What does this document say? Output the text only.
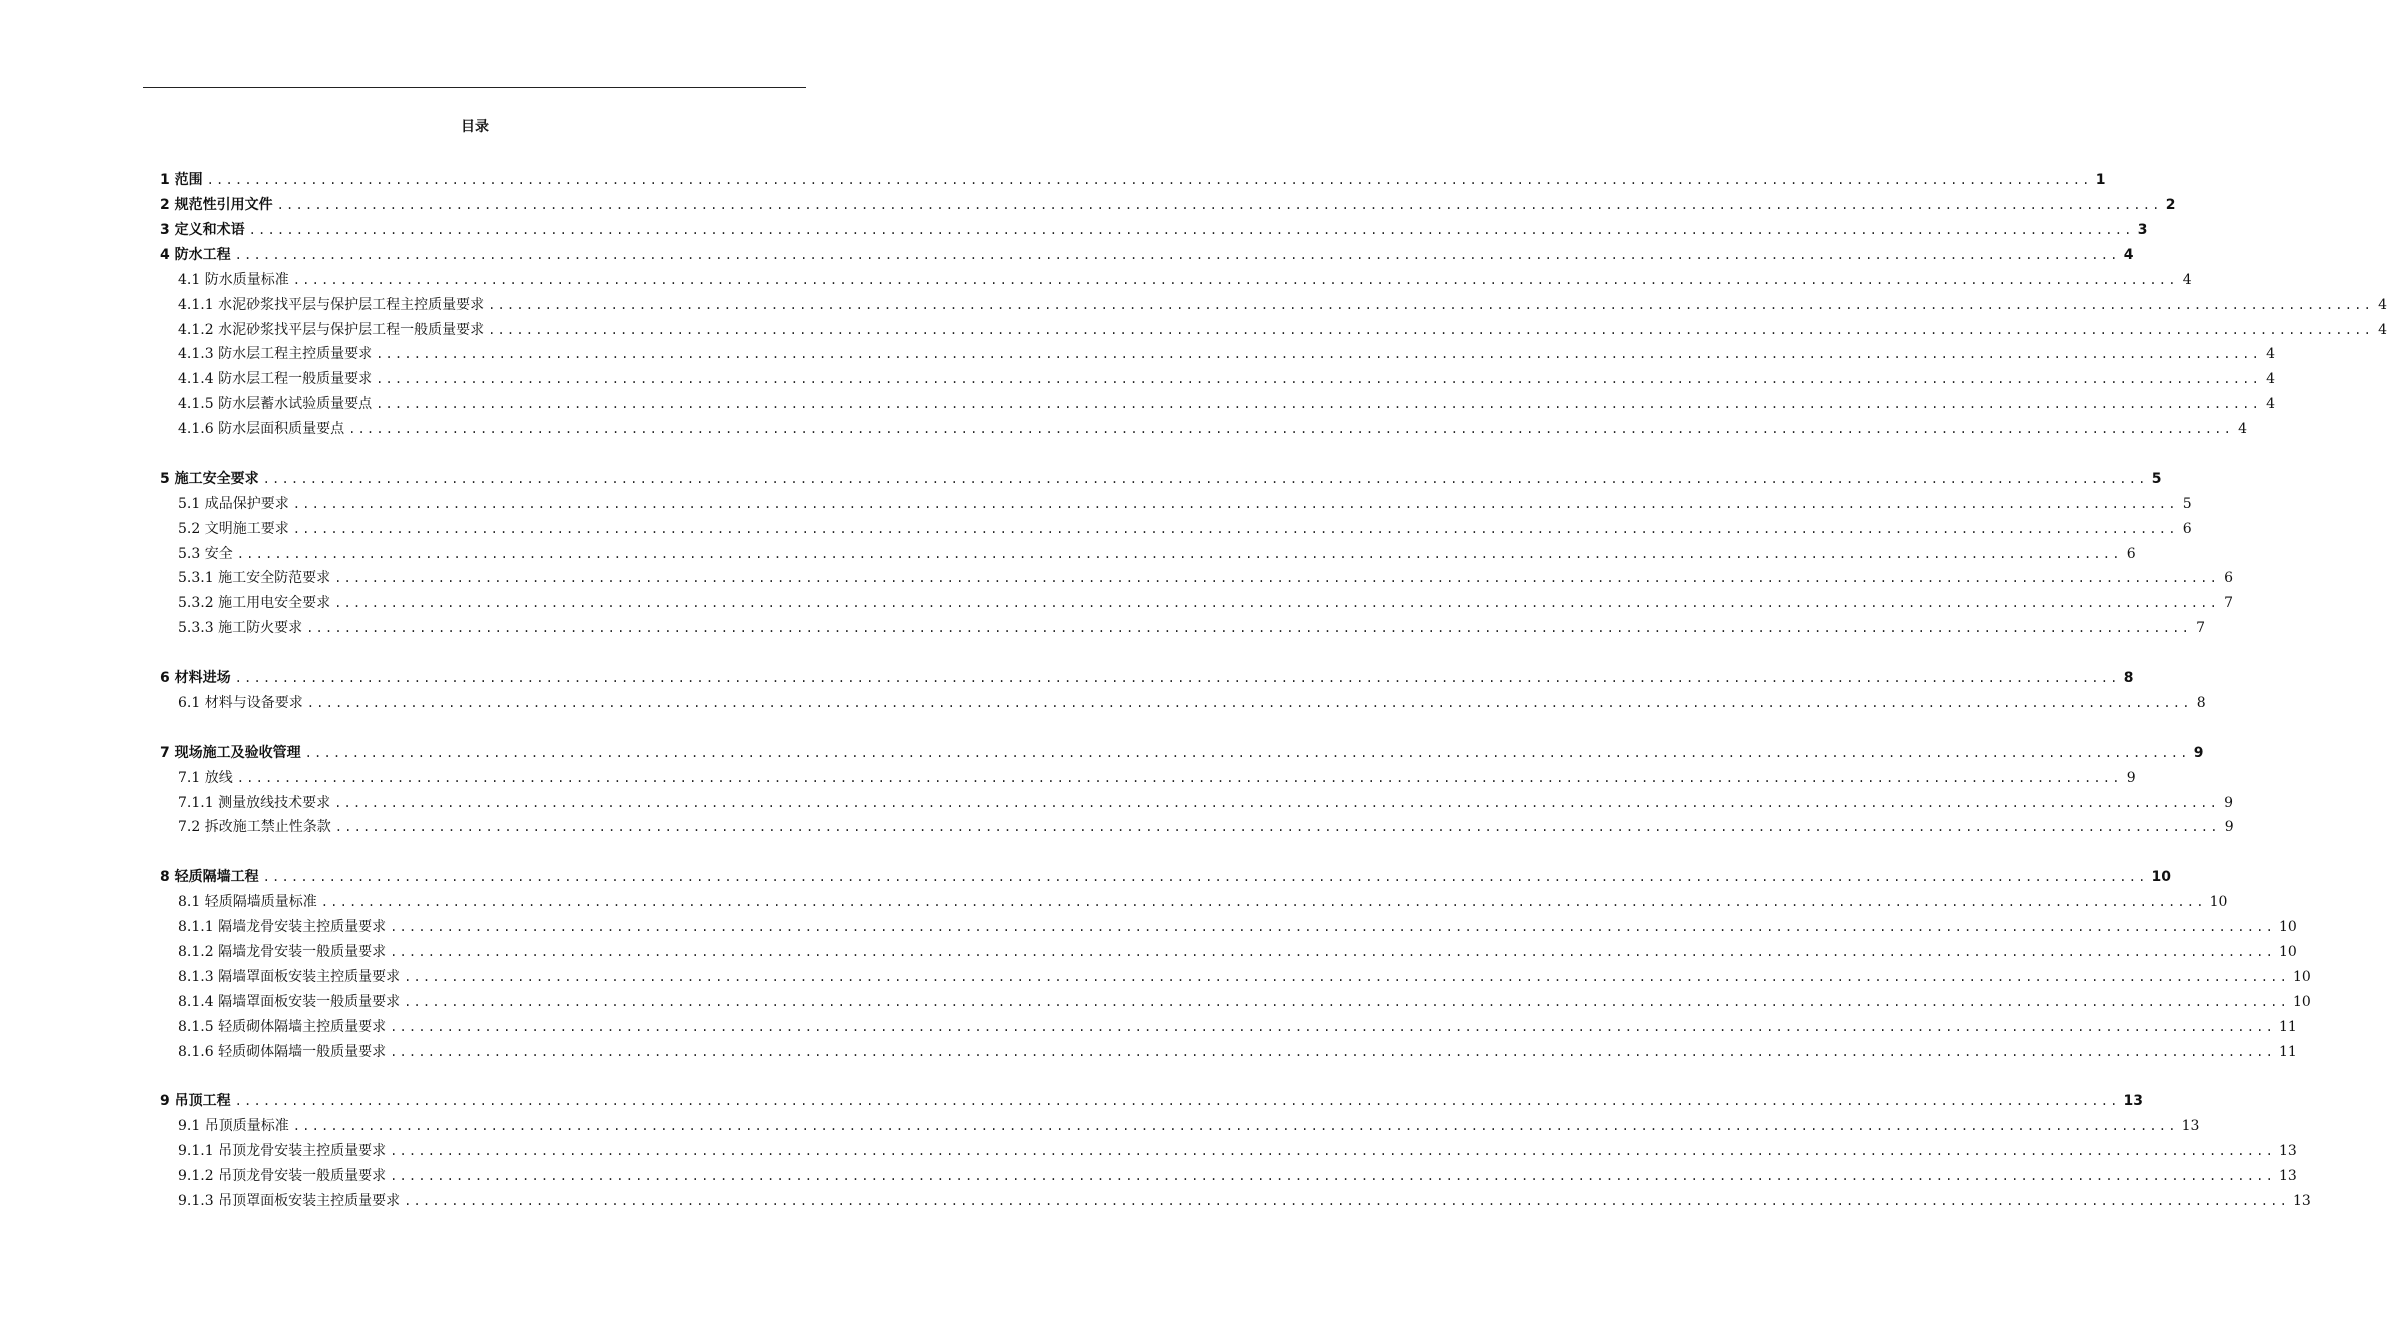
目录
1 范围 ........................................................................................................................................................................................................ 1
2 规范性引用文件 ........................................................................................................................................................................................................ 2
3 定义和术语 ........................................................................................................................................................................................................ 3
4 防水工程 ........................................................................................................................................................................................................ 4
4.1 防水质量标准 ........................................................................................................................................................................................................ 4
4.1.1 水泥砂浆找平层与保护层工程主控质量要求 ........................................................................................................................................................................................................ 4
4.1.2 水泥砂浆找平层与保护层工程一般质量要求 ........................................................................................................................................................................................................ 4
4.1.3 防水层工程主控质量要求 ........................................................................................................................................................................................................ 4
4.1.4 防水层工程一般质量要求 ........................................................................................................................................................................................................ 4
4.1.5 防水层蓄水试验质量要点 ........................................................................................................................................................................................................ 4
4.1.6 防水层面积质量要点 ........................................................................................................................................................................................................ 4
5 施工安全要求 ........................................................................................................................................................................................................ 5
5.1 成品保护要求 ........................................................................................................................................................................................................ 5
5.2 文明施工要求 ........................................................................................................................................................................................................ 6
5.3 安全 ........................................................................................................................................................................................................ 6
5.3.1 施工安全防范要求 ........................................................................................................................................................................................................ 6
5.3.2 施工用电安全要求 ........................................................................................................................................................................................................ 7
5.3.3 施工防火要求 ........................................................................................................................................................................................................ 7
6 材料进场 ........................................................................................................................................................................................................ 8
6.1 材料与设备要求 ........................................................................................................................................................................................................ 8
7 现场施工及验收管理 ........................................................................................................................................................................................................ 9
7.1 放线 ........................................................................................................................................................................................................ 9
7.1.1 测量放线技术要求 ........................................................................................................................................................................................................ 9
7.2 拆改施工禁止性条款 ........................................................................................................................................................................................................ 9
8 轻质隔墙工程 ........................................................................................................................................................................................................ 10
8.1 轻质隔墙质量标准 ........................................................................................................................................................................................................ 10
8.1.1 隔墙龙骨安装主控质量要求 ........................................................................................................................................................................................................ 10
8.1.2 隔墙龙骨安装一般质量要求 ........................................................................................................................................................................................................ 10
8.1.3 隔墙罩面板安装主控质量要求 ........................................................................................................................................................................................................ 10
8.1.4 隔墙罩面板安装一般质量要求 ........................................................................................................................................................................................................ 10
8.1.5 轻质砌体隔墙主控质量要求 ........................................................................................................................................................................................................ 11
8.1.6 轻质砌体隔墙一般质量要求 ........................................................................................................................................................................................................ 11
9 吊顶工程 ........................................................................................................................................................................................................ 13
9.1 吊顶质量标准 ........................................................................................................................................................................................................ 13
9.1.1 吊顶龙骨安装主控质量要求 ........................................................................................................................................................................................................ 13
9.1.2 吊顶龙骨安装一般质量要求 ........................................................................................................................................................................................................ 13
9.1.3 吊顶罩面板安装主控质量要求 ........................................................................................................................................................................................................ 13
